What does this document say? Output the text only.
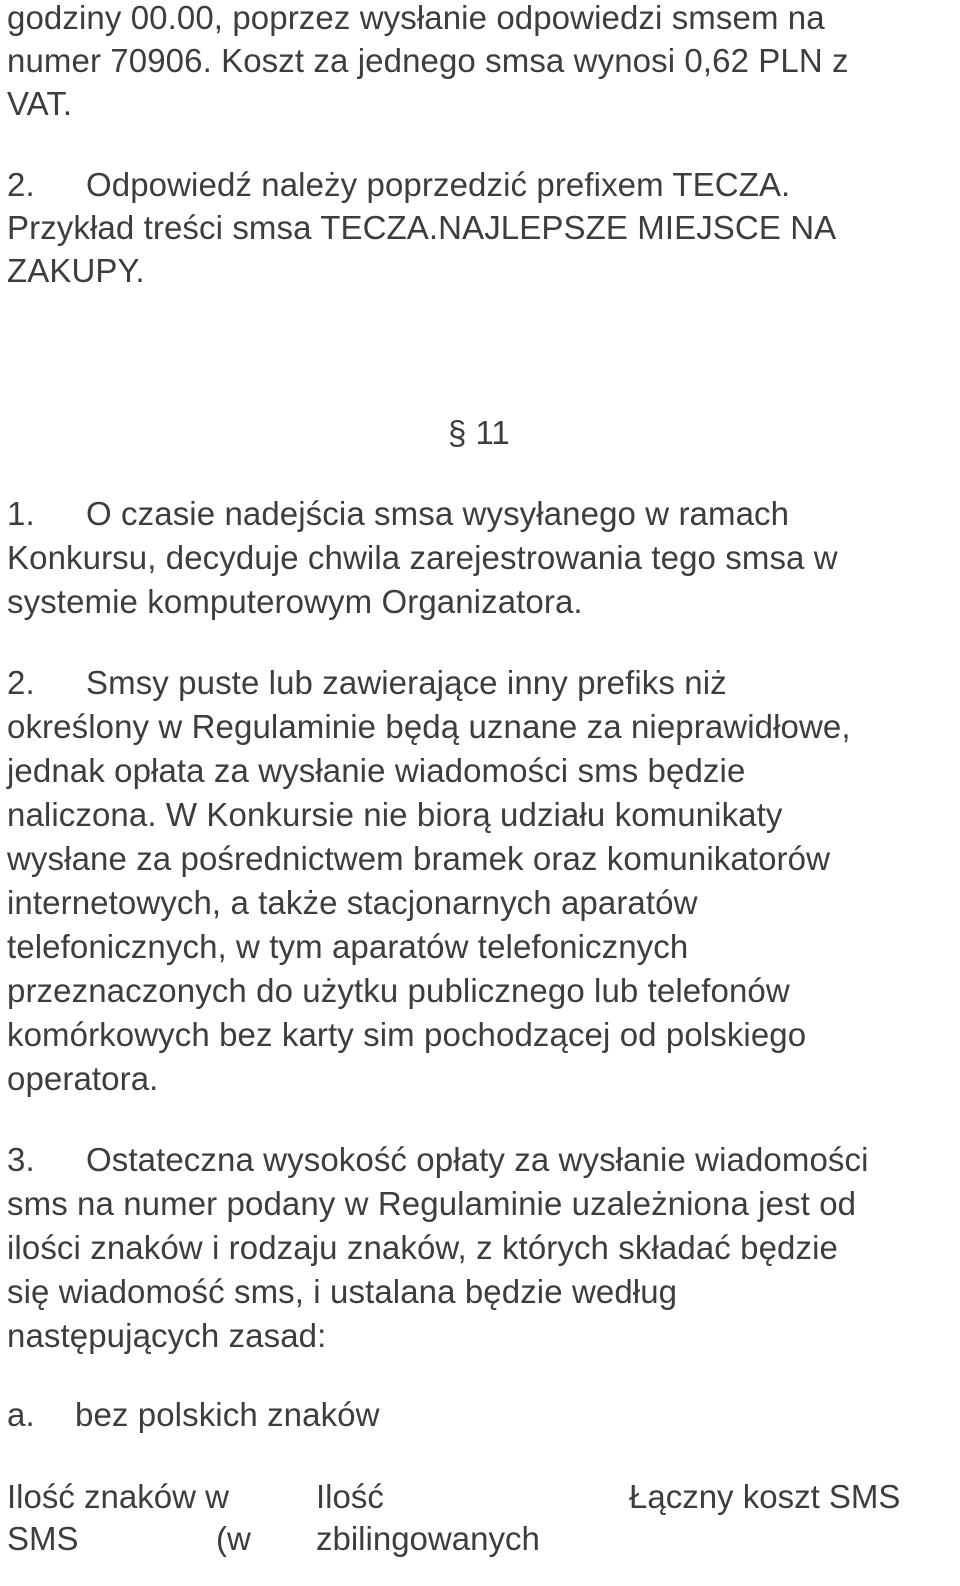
godziny 00.00, poprzez wysłanie odpowiedzi smsem na
numer 70906. Koszt za jednego smsa wynosi 0,62 PLN z
VAT.
2. Odpowiedź należy poprzedzić prefixem TECZA.
Przykład treści smsa TECZA.NAJLEPSZE MIEJSCE NA
ZAKUPY.
§ 11
1. O czasie nadejścia smsa wysyłanego w ramach
Konkursu, decyduje chwila zarejestrowania tego smsa w
systemie komputerowym Organizatora.
2. Smsy puste lub zawierające inny prefiks niż
określony w Regulaminie będą uznane za nieprawidłowe,
jednak opłata za wysłanie wiadomości sms będzie
naliczona. W Konkursie nie biorą udziału komunikaty
wysłane za pośrednictwem bramek oraz komunikatorów
internetowych, a także stacjonarnych aparatów
telefonicznych, w tym aparatów telefonicznych
przeznaczonych do użytku publicznego lub telefonów
komórkowych bez karty sim pochodzącej od polskiego
operatora.
3. Ostateczna wysokość opłaty za wysłanie wiadomości
sms na numer podany w Regulaminie uzależniona jest od
ilości znaków i rodzaju znaków, z których składać będzie
się wiadomość sms, i ustalana będzie według
następujących zasad:
a. bez polskich znaków
Ilość znaków w
SMS	(w
Ilość
zbilingowanych
Łączny koszt SMS
